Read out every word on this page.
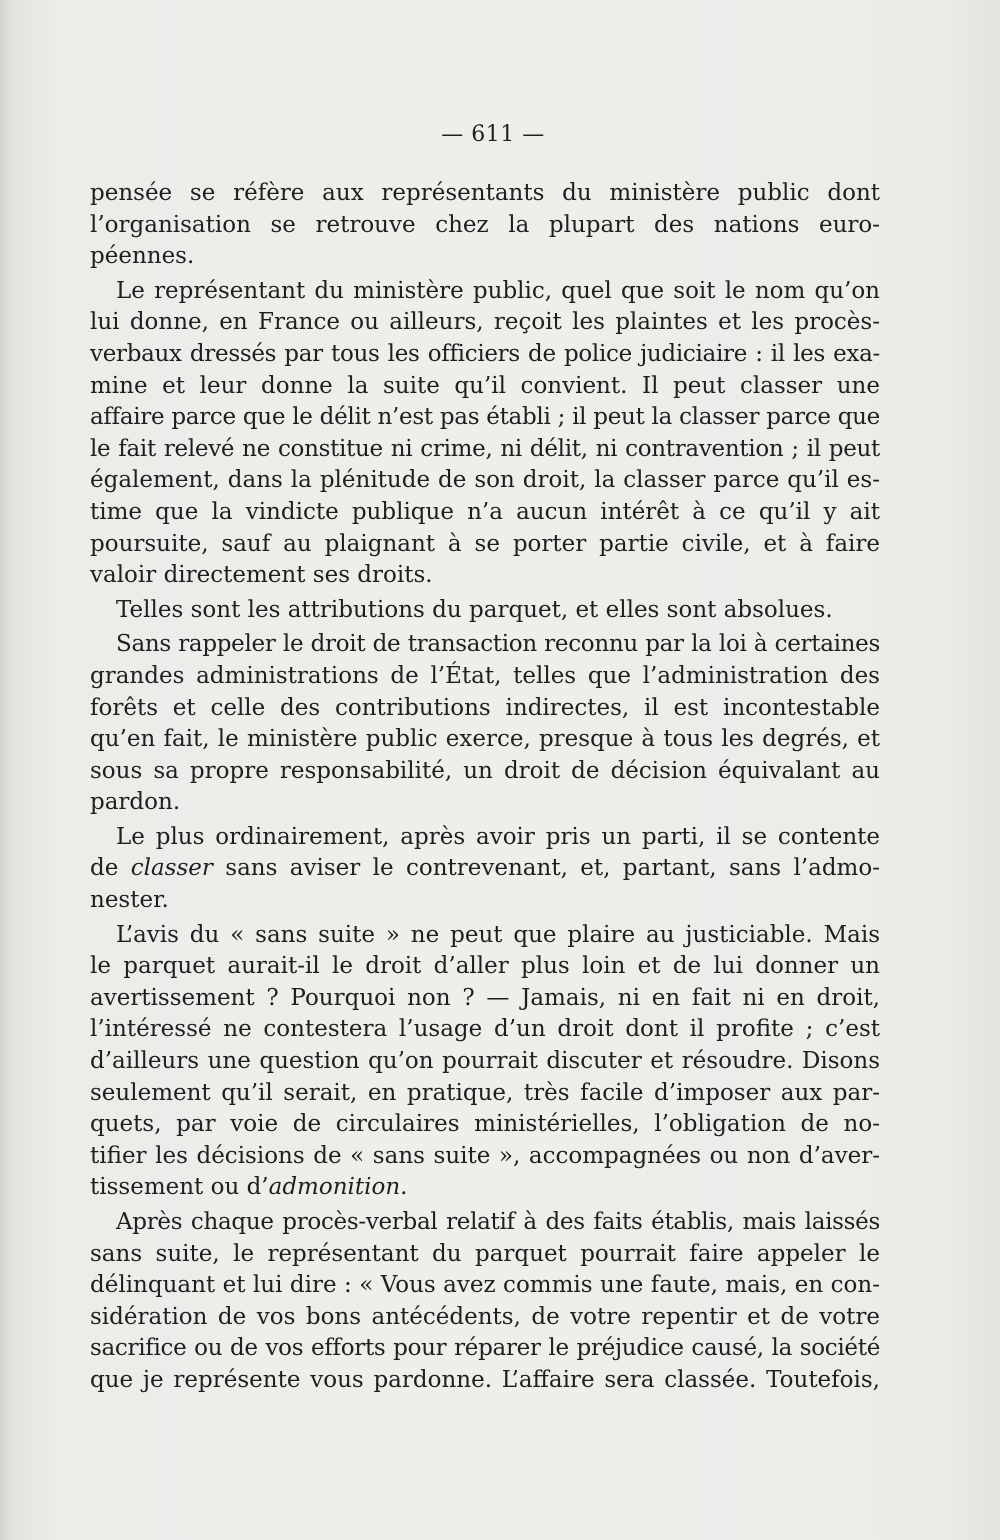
— 611 —
pensée se réfère aux représentants du ministère public dont
l’organisation se retrouve chez la plupart des nations euro-
péennes.
Le représentant du ministère public, quel que soit le nom qu’on
lui donne, en France ou ailleurs, reçoit les plaintes et les procès-
verbaux dressés par tous les officiers de police judiciaire : il les exa-
mine et leur donne la suite qu’il convient. Il peut classer une
affaire parce que le délit n’est pas établi ; il peut la classer parce que
le fait relevé ne constitue ni crime, ni délit, ni contravention ; il peut
également, dans la plénitude de son droit, la classer parce qu’il es-
time que la vindicte publique n’a aucun intérêt à ce qu’il y ait
poursuite, sauf au plaignant à se porter partie civile, et à faire
valoir directement ses droits.
Telles sont les attributions du parquet, et elles sont absolues.
Sans rappeler le droit de transaction reconnu par la loi à certaines
grandes administrations de l’État, telles que l’administration des
forêts et celle des contributions indirectes, il est incontestable
qu’en fait, le ministère public exerce, presque à tous les degrés, et
sous sa propre responsabilité, un droit de décision équivalant au
pardon.
Le plus ordinairement, après avoir pris un parti, il se contente
de classer sans aviser le contrevenant, et, partant, sans l’admo-
nester.
L’avis du « sans suite » ne peut que plaire au justiciable. Mais
le parquet aurait-il le droit d’aller plus loin et de lui donner un
avertissement ? Pourquoi non ? — Jamais, ni en fait ni en droit,
l’intéressé ne contestera l’usage d’un droit dont il profite ; c’est
d’ailleurs une question qu’on pourrait discuter et résoudre. Disons
seulement qu’il serait, en pratique, très facile d’imposer aux par-
quets, par voie de circulaires ministérielles, l’obligation de no-
tifier les décisions de « sans suite », accompagnées ou non d’aver-
tissement ou d’admonition.
Après chaque procès-verbal relatif à des faits établis, mais laissés
sans suite, le représentant du parquet pourrait faire appeler le
délinquant et lui dire : « Vous avez commis une faute, mais, en con-
sidération de vos bons antécédents, de votre repentir et de votre
sacrifice ou de vos efforts pour réparer le préjudice causé, la société
que je représente vous pardonne. L’affaire sera classée. Toutefois,
